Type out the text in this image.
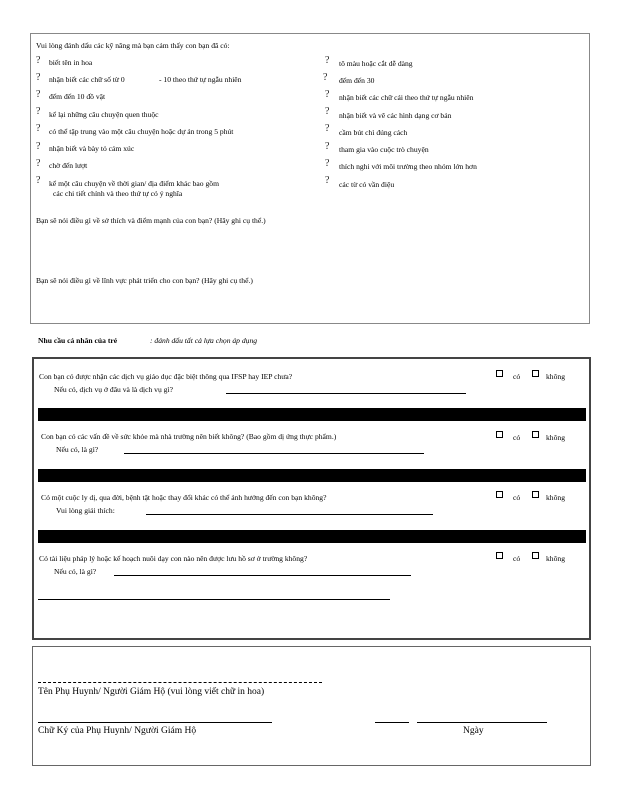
Vui lòng đánh dấu các kỹ năng mà bạn cảm thấy con bạn đã có:
? biết tên in hoa
? nhận biết các chữ số từ 0	- 10 theo thứ tự ngẫu nhiên
? đếm đến 10 đồ vật
? kể lại những câu chuyện quen thuộc
? có thể tập trung vào một câu chuyện hoặc dự án trong 5 phút
? nhận biết và bày tỏ cảm xúc
? chờ đến lượt
? kể một câu chuyện về thời gian/ địa điểm khác bao gồm
các chi tiết chính và theo thứ tự có ý nghĩa
? tô màu hoặc cắt dễ dàng
? đếm đến 30
? nhận biết các chữ cái theo thứ tự ngẫu nhiên
? nhận biết và vẽ các hình dạng cơ bản
? cầm bút chì đúng cách
? tham gia vào cuộc trò chuyện
? thích nghi với môi trường theo nhóm lớn hơn
? các từ có vần điệu
Bạn sẽ nói điều gì về sở thích và điểm mạnh của con bạn? (Hãy ghi cụ thể.)
Bạn sẽ nói điều gì về lĩnh vực phát triển cho con bạn? (Hãy ghi cụ thể.)
Nhu cầu cá nhân của trẻ	: đánh dấu tất cả lựa chọn áp dụng
Con bạn có được nhận các dịch vụ giáo dục đặc biệt thông qua IFSP hay IEP chưa?
Nếu có, dịch vụ ở đâu và là dịch vụ gì?
có	không
Con bạn có các vấn đề về sức khỏe mà nhà trường nên biết không? (Bao gồm dị ứng thực phẩm.)
Nếu có, là gì?
có	không
Có một cuộc ly dị, qua đời, bệnh tật hoặc thay đổi khác có thể ảnh hưởng đến con bạn không?
Vui lòng giải thích:
có	không
Có tài liệu pháp lý hoặc kế hoạch nuôi dạy con nào nên được lưu hồ sơ ở trường không?
Nếu có, là gì?
có	không
Tên Phụ Huynh/ Người Giám Hộ (vui lòng viết chữ in hoa)
Chữ Ký của Phụ Huynh/ Người Giám Hộ	Ngày
